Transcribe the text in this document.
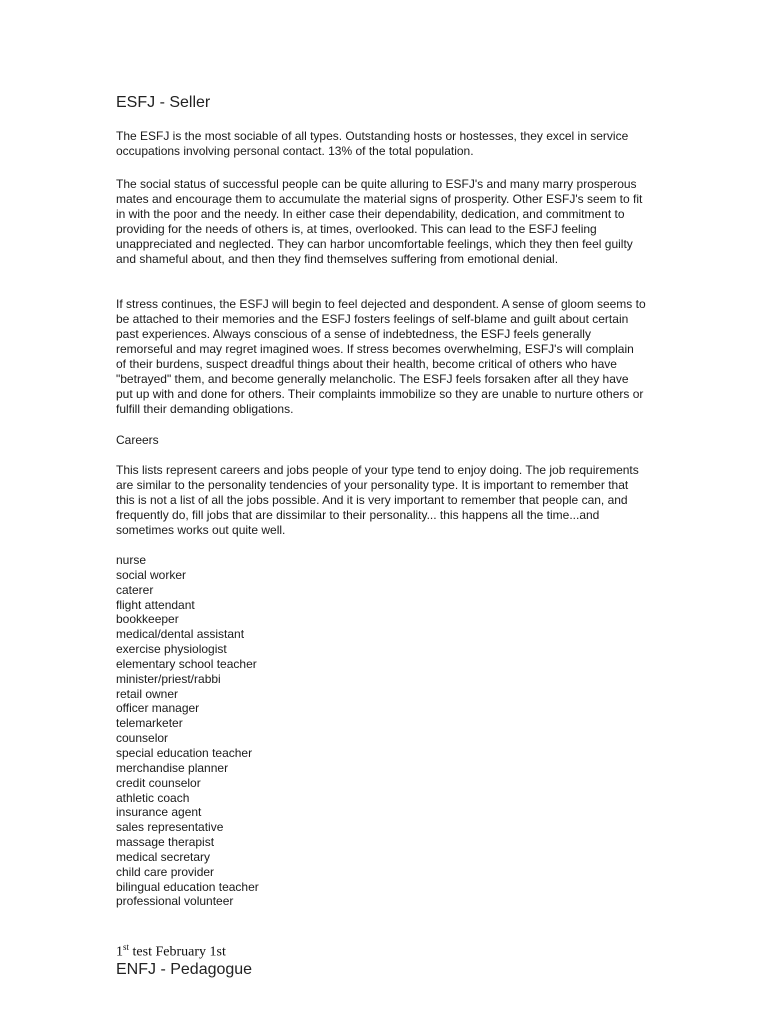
ESFJ - Seller

The ESFJ is the most sociable of all types. Outstanding hosts or hostesses, they excel in service occupations involving personal contact. 13% of the total population.

The social status of successful people can be quite alluring to ESFJ's and many marry prosperous mates and encourage them to accumulate the material signs of prosperity. Other ESFJ's seem to fit in with the poor and the needy. In either case their dependability, dedication, and commitment to providing for the needs of others is, at times, overlooked. This can lead to the ESFJ feeling unappreciated and neglected. They can harbor uncomfortable feelings, which they then feel guilty and shameful about, and then they find themselves suffering from emotional denial.

If stress continues, the ESFJ will begin to feel dejected and despondent. A sense of gloom seems to be attached to their memories and the ESFJ fosters feelings of self-blame and guilt about certain past experiences. Always conscious of a sense of indebtedness, the ESFJ feels generally remorseful and may regret imagined woes. If stress becomes overwhelming, ESFJ's will complain of their burdens, suspect dreadful things about their health, become critical of others who have "betrayed" them, and become generally melancholic. The ESFJ feels forsaken after all they have put up with and done for others. Their complaints immobilize so they are unable to nurture others or fulfill their demanding obligations.

Careers

This lists represent careers and jobs people of your type tend to enjoy doing. The job requirements are similar to the personality tendencies of your personality type. It is important to remember that this is not a list of all the jobs possible. And it is very important to remember that people can, and frequently do, fill jobs that are dissimilar to their personality... this happens all the time...and sometimes works out quite well.

nurse
social worker
caterer
flight attendant
bookkeeper
medical/dental assistant
exercise physiologist
elementary school teacher
minister/priest/rabbi
retail owner
officer manager
telemarketer
counselor
special education teacher
merchandise planner
credit counselor
athletic coach
insurance agent
sales representative
massage therapist
medical secretary
child care provider
bilingual education teacher
professional volunteer
1st test February 1st
ENFJ - Pedagogue
